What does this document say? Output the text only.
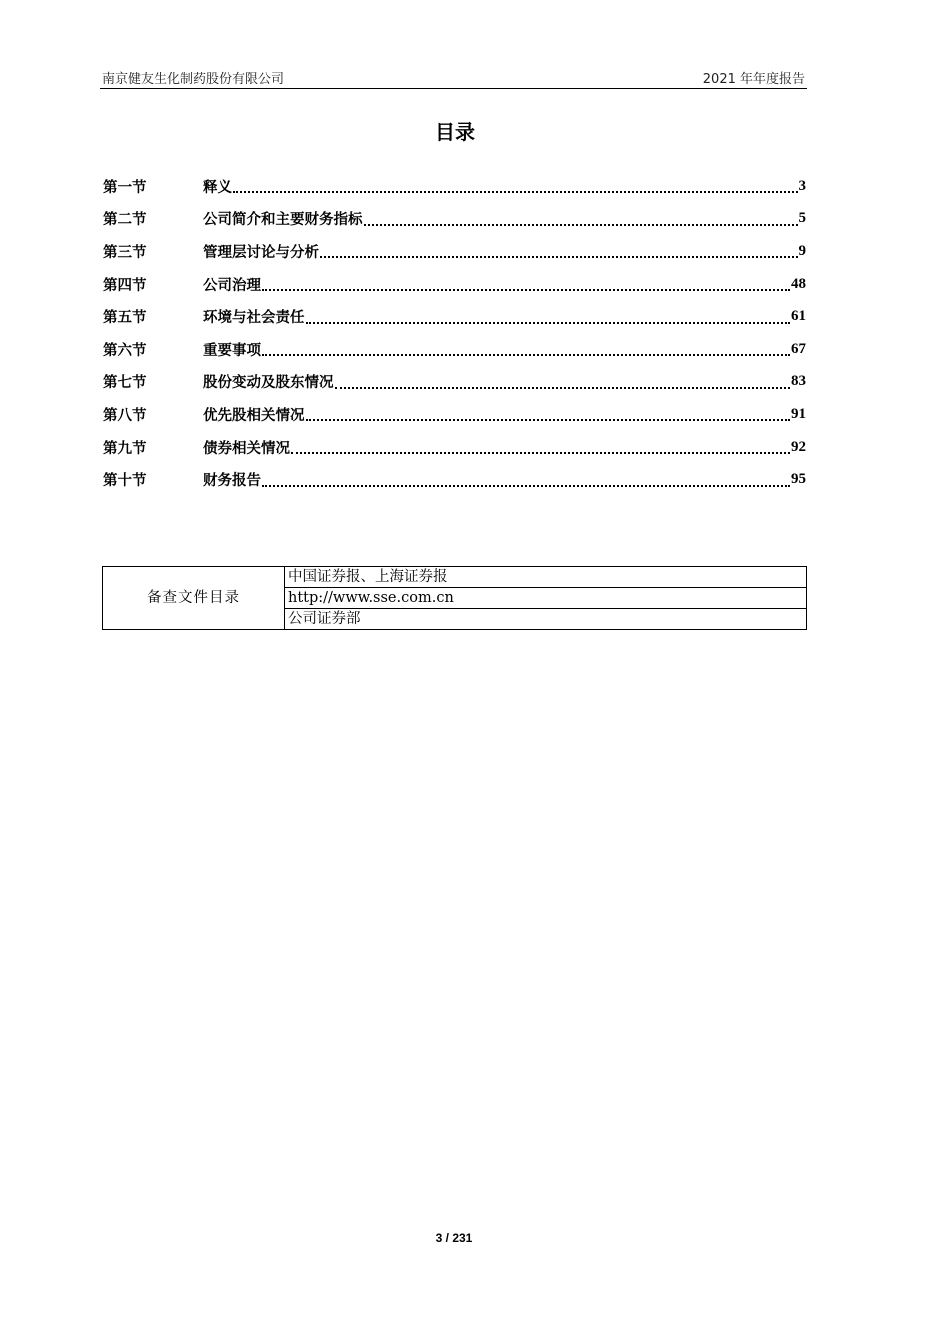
南京健友生化制药股份有限公司	2021 年年度报告
目录
第一节	释义	3
第二节	公司简介和主要财务指标	5
第三节	管理层讨论与分析	9
第四节	公司治理	48
第五节	环境与社会责任	61
第六节	重要事项	67
第七节	股份变动及股东情况	83
第八节	优先股相关情况	91
第九节	债券相关情况	92
第十节	财务报告	95
备查文件目录	中国证券报、上海证券报
http://www.sse.com.cn
公司证券部
3 / 231
